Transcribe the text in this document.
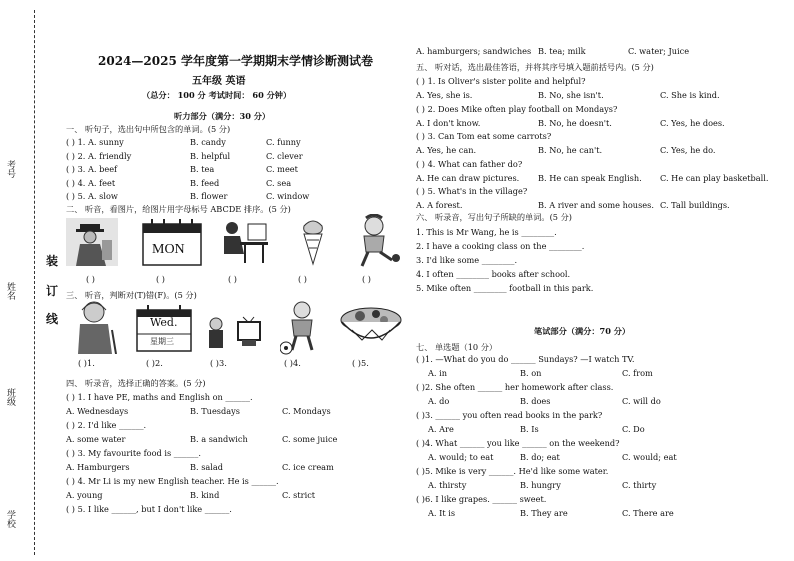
考号
姓名
班级
学校
装
订
线
2024—2025 学年度第一学期期末学情诊断测试卷
五年级 英语
（总分： 100 分 考试时间： 60 分钟）
听力部分（满分：30 分）
一、 听句子，选出句中所包含的单词。(5 分)
( ) 1. A. sunny	B. candy	C. funny
( ) 2. A. friendly	B. helpful	C. clever
( ) 3. A. beef	B. tea	C. meet
( ) 4. A. feet	B. feed	C. sea
( ) 5. A. slow	B. flower	C. window
二、 听音，看图片，给图片用字母标号 ABCDE 排序。(5 分)
MON
( )	( )	( )	( )	( )
三、 听音，判断对(T)错(F)。(5 分)
Wed.
星期三
( )1.	( )2.	( )3.	( )4.	( )5.
四、 听录音，选择正确的答案。(5 分)
( ) 1. I have PE, maths and English on ______.
A. Wednesdays	B. Tuesdays	C. Mondays
( ) 2. I'd like ______.
A. some water	B. a sandwich	C. some juice
( ) 3. My favourite food is ______.
A. Hamburgers	B. salad	C. ice cream
( ) 4. Mr Li is my new English teacher. He is ______.
A. young	B. kind	C. strict
( ) 5. I like ______, but I don't like ______.
A. hamburgers; sandwiches B. tea; milk	C. water; Juice
五、 听对话，选出最佳答语，并将其序号填入题前括号内。(5 分)
( ) 1. Is Oliver's sister polite and helpful?
A. Yes, she is.	B. No, she isn't.	C. She is kind.
( ) 2. Does Mike often play football on Mondays?
A. I don't know.	B. No, he doesn't.	C. Yes, he does.
( ) 3. Can Tom eat some carrots?
A. Yes, he can.	B. No, he can't.	C. Yes, he do.
( ) 4. What can father do?
A. He can draw pictures. B. He can speak English. C. He can play basketball.
( ) 5. What's in the village?
A. A forest.	B. A river and some houses. C. Tall buildings.
六、 听录音，写出句子所缺的单词。(5 分)
1. This is Mr Wang, he is ________.
2. I have a cooking class on the ________.
3. I'd like some ________.
4. I often ________ books after school.
5. Mike often ________ football in this park.
笔试部分（满分：70 分）
七、 单选题（10 分）
( )1. —What do you do ______ Sundays? —I watch TV.
A. in	B. on	C. from
( )2. She often ______ her homework after class.
A. do	B. does	C. will do
( )3. ______ you often read books in the park?
A. Are	B. Is	C. Do
( )4. What ______ you like ______ on the weekend?
A. would; to eat	B. do; eat	C. would; eat
( )5. Mike is very ______. He'd like some water.
A. thirsty	B. hungry	C. thirty
( )6. I like grapes. ______ sweet.
A. It is	B. They are	C. There are
